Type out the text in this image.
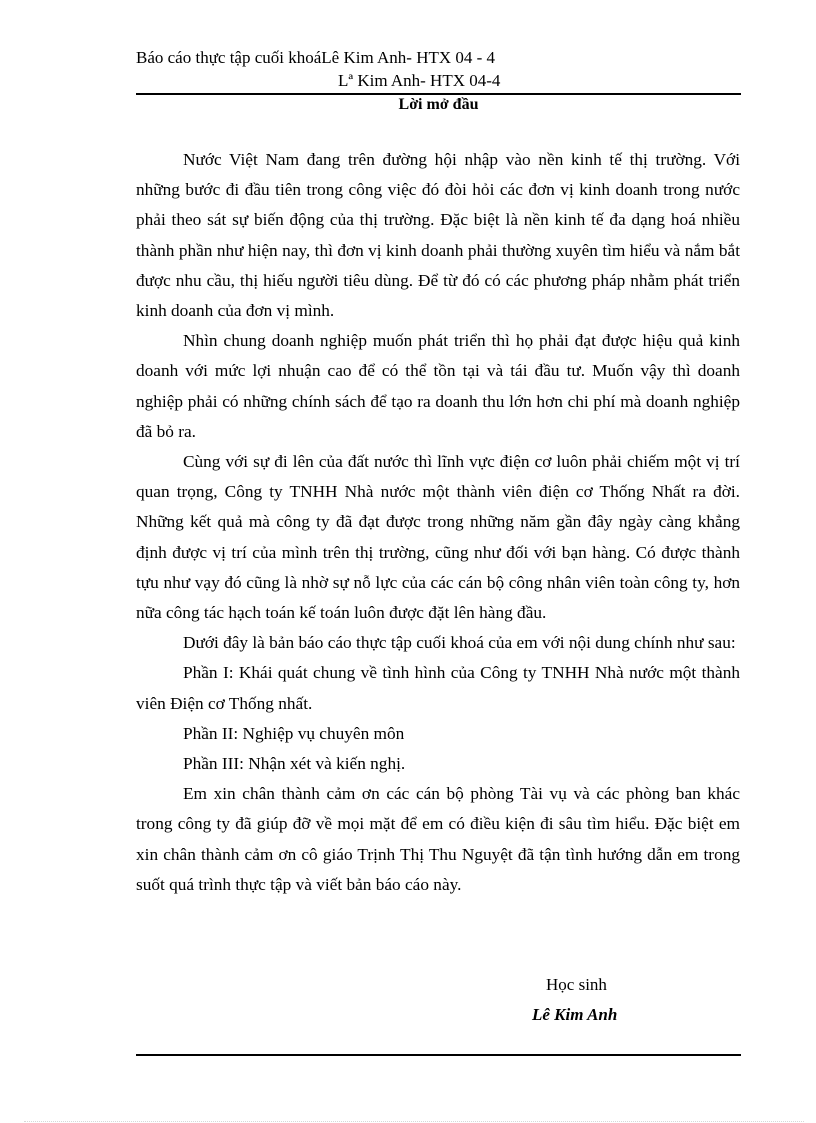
Báo cáo thực tập cuối khoáLê Kim Anh- HTX 04 - 4
Lª Kim Anh- HTX 04-4
Lời mở đầu

Nước Việt Nam đang trên đường hội nhập vào nền kinh tế thị trường. Với những bước đi đầu tiên trong công việc đó đòi hỏi các đơn vị kinh doanh trong nước phải theo sát sự biến động của thị trường. Đặc biệt là nền kinh tế đa dạng hoá nhiều thành phần như hiện nay, thì đơn vị kinh doanh phải thường xuyên tìm hiểu và nắm bắt được nhu cầu, thị hiếu người tiêu dùng. Để từ đó có các phương pháp nhằm phát triển kinh doanh của đơn vị mình.

Nhìn chung doanh nghiệp muốn phát triển thì họ phải đạt được hiệu quả kinh doanh với mức lợi nhuận cao để có thể tồn tại và tái đầu tư. Muốn vậy thì doanh nghiệp phải có những chính sách để tạo ra doanh thu lớn hơn chi phí mà doanh nghiệp đã bỏ ra.

Cùng với sự đi lên của đất nước thì lĩnh vực điện cơ luôn phải chiếm một vị trí quan trọng, Công ty TNHH Nhà nước một thành viên điện cơ Thống Nhất ra đời. Những kết quả mà công ty đã đạt được trong những năm gần đây ngày càng khẳng định được vị trí của mình trên thị trường, cũng như đối với bạn hàng. Có được thành tựu như vạy đó cũng là nhờ sự nỗ lực của các cán bộ công nhân viên toàn công ty, hơn nữa công tác hạch toán kế toán luôn được đặt lên hàng đầu.

Dưới đây là bản báo cáo thực tập cuối khoá của em với nội dung chính như sau:

Phần I: Khái quát chung về tình hình của Công ty TNHH Nhà nước một thành viên Điện cơ Thống nhất.

Phần II: Nghiệp vụ chuyên môn

Phần III: Nhận xét và kiến nghị.

Em xin chân thành cảm ơn các cán bộ phòng Tài vụ và các phòng ban khác trong công ty đã giúp đỡ về mọi mặt để em có điều kiện đi sâu tìm hiểu. Đặc biệt em xin chân thành cảm ơn cô giáo Trịnh Thị Thu Nguyệt đã tận tình hướng dẫn em trong suốt quá trình thực tập và viết bản báo cáo này.

Học sinh
Lê Kim Anh
